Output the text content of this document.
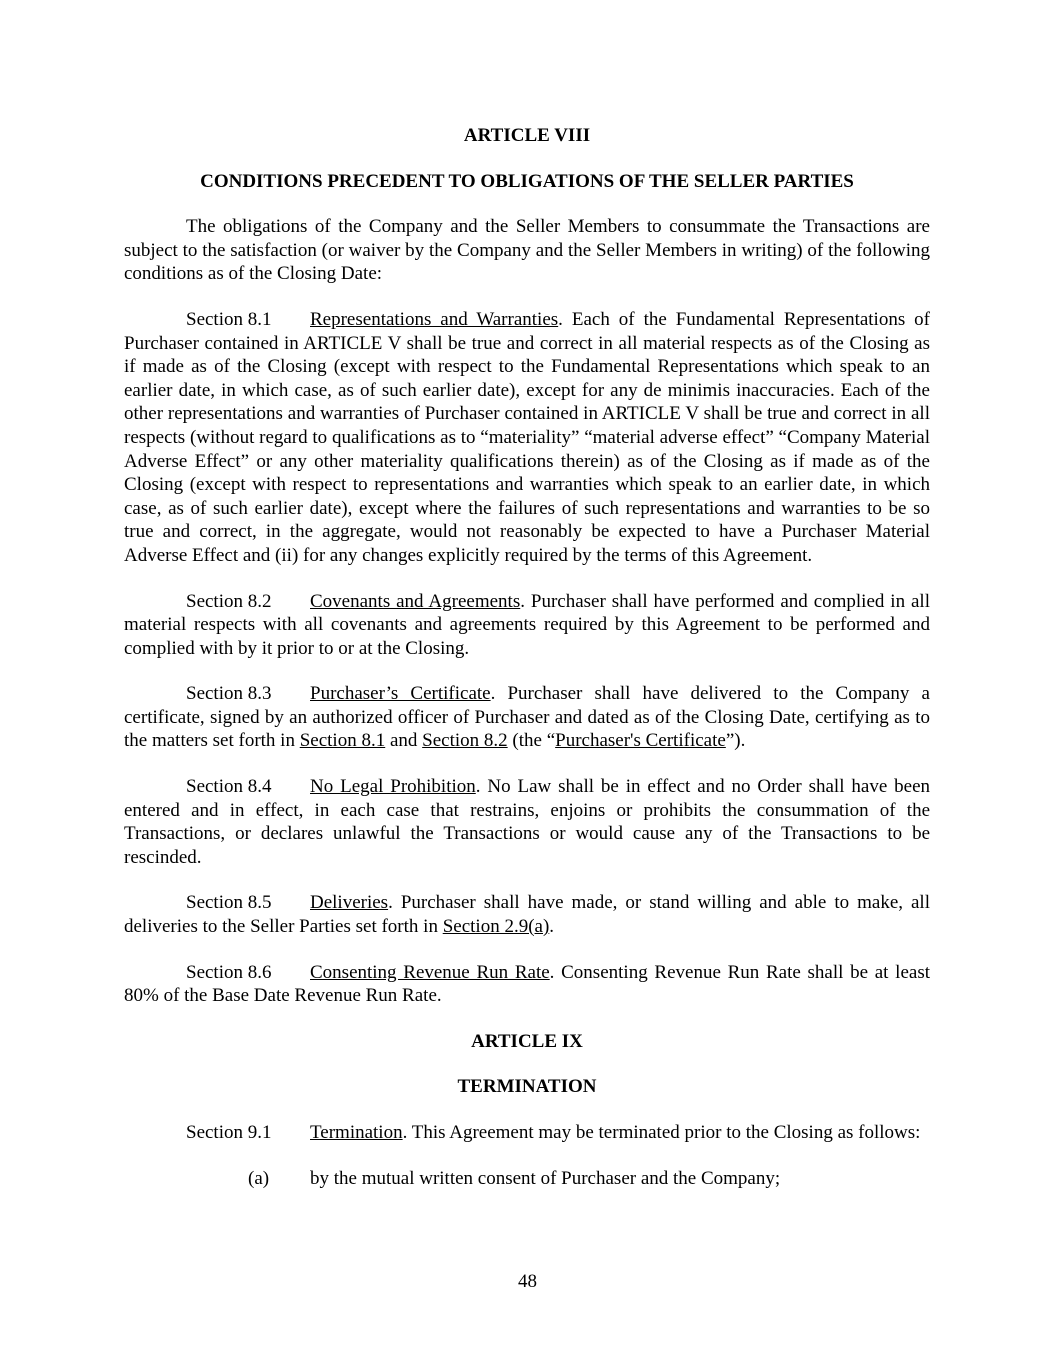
ARTICLE VIII

CONDITIONS PRECEDENT TO OBLIGATIONS OF THE SELLER PARTIES

The obligations of the Company and the Seller Members to consummate the Transactions are subject to the satisfaction (or waiver by the Company and the Seller Members in writing) of the following conditions as of the Closing Date:

Section 8.1 Representations and Warranties. Each of the Fundamental Representations of Purchaser contained in ARTICLE V shall be true and correct in all material respects as of the Closing as if made as of the Closing (except with respect to the Fundamental Representations which speak to an earlier date, in which case, as of such earlier date), except for any de minimis inaccuracies. Each of the other representations and warranties of Purchaser contained in ARTICLE V shall be true and correct in all respects (without regard to qualifications as to “materiality” “material adverse effect” “Company Material Adverse Effect” or any other materiality qualifications therein) as of the Closing as if made as of the Closing (except with respect to representations and warranties which speak to an earlier date, in which case, as of such earlier date), except where the failures of such representations and warranties to be so true and correct, in the aggregate, would not reasonably be expected to have a Purchaser Material Adverse Effect and (ii) for any changes explicitly required by the terms of this Agreement.

Section 8.2 Covenants and Agreements. Purchaser shall have performed and complied in all material respects with all covenants and agreements required by this Agreement to be performed and complied with by it prior to or at the Closing.

Section 8.3 Purchaser’s Certificate. Purchaser shall have delivered to the Company a certificate, signed by an authorized officer of Purchaser and dated as of the Closing Date, certifying as to the matters set forth in Section 8.1 and Section 8.2 (the “Purchaser's Certificate”).

Section 8.4 No Legal Prohibition. No Law shall be in effect and no Order shall have been entered and in effect, in each case that restrains, enjoins or prohibits the consummation of the Transactions, or declares unlawful the Transactions or would cause any of the Transactions to be rescinded.

Section 8.5 Deliveries. Purchaser shall have made, or stand willing and able to make, all deliveries to the Seller Parties set forth in Section 2.9(a).

Section 8.6 Consenting Revenue Run Rate. Consenting Revenue Run Rate shall be at least 80% of the Base Date Revenue Run Rate.

ARTICLE IX

TERMINATION

Section 9.1 Termination. This Agreement may be terminated prior to the Closing as follows:

(a) by the mutual written consent of Purchaser and the Company;

48
